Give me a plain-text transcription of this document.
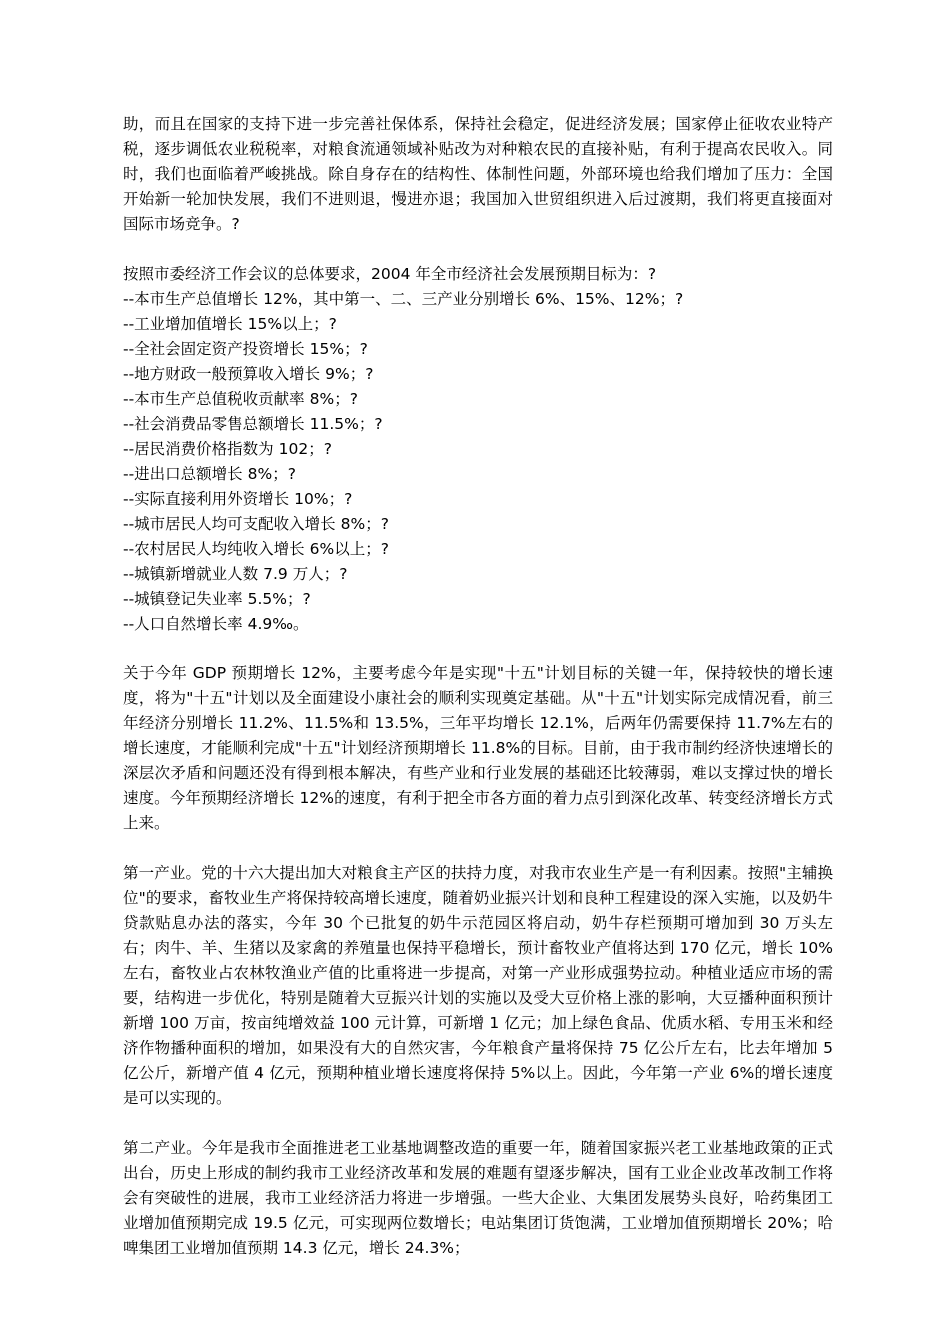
助，而且在国家的支持下进一步完善社保体系，保持社会稳定，促进经济发展；国家停止征收农业特产税，逐步调低农业税税率，对粮食流通领域补贴改为对种粮农民的直接补贴，有利于提高农民收入。同时，我们也面临着严峻挑战。除自身存在的结构性、体制性问题，外部环境也给我们增加了压力：全国开始新一轮加快发展，我们不进则退，慢进亦退；我国加入世贸组织进入后过渡期，我们将更直接面对国际市场竞争。?

按照市委经济工作会议的总体要求，2004 年全市经济社会发展预期目标为：?
--本市生产总值增长 12%，其中第一、二、三产业分别增长 6%、15%、12%；?
--工业增加值增长 15%以上；?
--全社会固定资产投资增长 15%；?
--地方财政一般预算收入增长 9%；?
--本市生产总值税收贡献率 8%；?
--社会消费品零售总额增长 11.5%；?
--居民消费价格指数为 102；?
--进出口总额增长 8%；?
--实际直接利用外资增长 10%；?
--城市居民人均可支配收入增长 8%；?
--农村居民人均纯收入增长 6%以上；?
--城镇新增就业人数 7.9 万人；?
--城镇登记失业率 5.5%；?
--人口自然增长率 4.9‰。

关于今年 GDP 预期增长 12%，主要考虑今年是实现"十五"计划目标的关键一年，保持较快的增长速度，将为"十五"计划以及全面建设小康社会的顺利实现奠定基础。从"十五"计划实际完成情况看，前三年经济分别增长 11.2%、11.5%和 13.5%，三年平均增长 12.1%，后两年仍需要保持 11.7%左右的增长速度，才能顺利完成"十五"计划经济预期增长 11.8%的目标。目前，由于我市制约经济快速增长的深层次矛盾和问题还没有得到根本解决，有些产业和行业发展的基础还比较薄弱，难以支撑过快的增长速度。今年预期经济增长 12%的速度，有利于把全市各方面的着力点引到深化改革、转变经济增长方式上来。

第一产业。党的十六大提出加大对粮食主产区的扶持力度，对我市农业生产是一有利因素。按照"主辅换位"的要求，畜牧业生产将保持较高增长速度，随着奶业振兴计划和良种工程建设的深入实施，以及奶牛贷款贴息办法的落实，今年 30 个已批复的奶牛示范园区将启动，奶牛存栏预期可增加到 30 万头左右；肉牛、羊、生猪以及家禽的养殖量也保持平稳增长，预计畜牧业产值将达到 170 亿元，增长 10%左右，畜牧业占农林牧渔业产值的比重将进一步提高，对第一产业形成强势拉动。种植业适应市场的需要，结构进一步优化，特别是随着大豆振兴计划的实施以及受大豆价格上涨的影响，大豆播种面积预计新增 100 万亩，按亩纯增效益 100 元计算，可新增 1 亿元；加上绿色食品、优质水稻、专用玉米和经济作物播种面积的增加，如果没有大的自然灾害，今年粮食产量将保持 75 亿公斤左右，比去年增加 5 亿公斤，新增产值 4 亿元，预期种植业增长速度将保持 5%以上。因此，今年第一产业 6%的增长速度是可以实现的。

第二产业。今年是我市全面推进老工业基地调整改造的重要一年，随着国家振兴老工业基地政策的正式出台，历史上形成的制约我市工业经济改革和发展的难题有望逐步解决，国有工业企业改革改制工作将会有突破性的进展，我市工业经济活力将进一步增强。一些大企业、大集团发展势头良好，哈药集团工业增加值预期完成 19.5 亿元，可实现两位数增长；电站集团订货饱满，工业增加值预期增长 20%；哈啤集团工业增加值预期 14.3 亿元，增长 24.3%；
